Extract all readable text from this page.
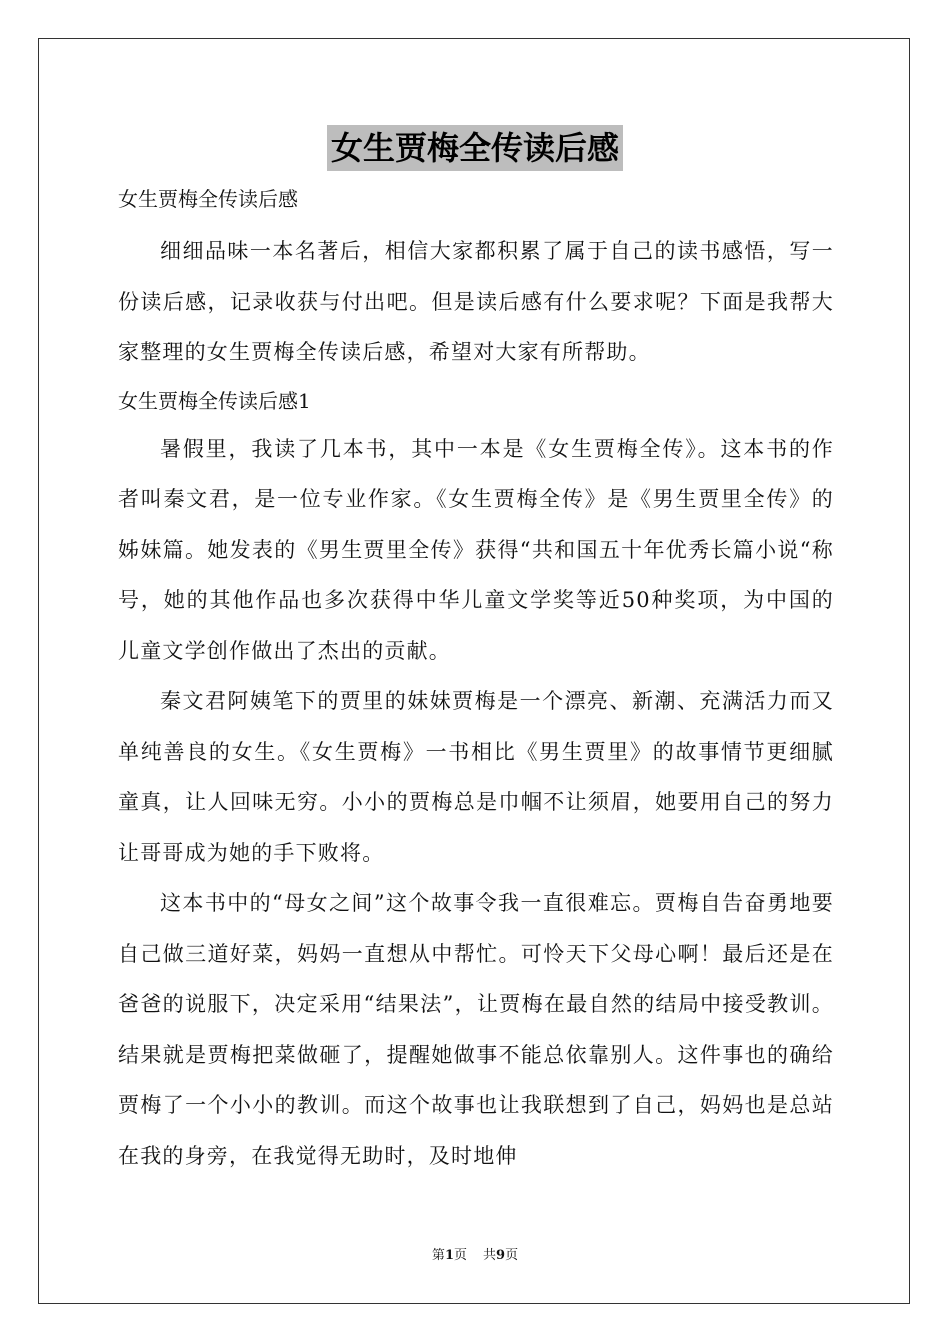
女生贾梅全传读后感

女生贾梅全传读后感

细细品味一本名著后，相信大家都积累了属于自己的读书感悟，写一份读后感，记录收获与付出吧。但是读后感有什么要求呢？下面是我帮大家整理的女生贾梅全传读后感，希望对大家有所帮助。

女生贾梅全传读后感1

暑假里，我读了几本书，其中一本是《女生贾梅全传》。这本书的作者叫秦文君，是一位专业作家。《女生贾梅全传》是《男生贾里全传》的姊妹篇。她发表的《男生贾里全传》获得“共和国五十年优秀长篇小说“称号，她的其他作品也多次获得中华儿童文学奖等近50种奖项，为中国的儿童文学创作做出了杰出的贡献。

秦文君阿姨笔下的贾里的妹妹贾梅是一个漂亮、新潮、充满活力而又单纯善良的女生。《女生贾梅》一书相比《男生贾里》的故事情节更细腻童真，让人回味无穷。小小的贾梅总是巾帼不让须眉，她要用自己的努力让哥哥成为她的手下败将。

这本书中的“母女之间”这个故事令我一直很难忘。贾梅自告奋勇地要自己做三道好菜，妈妈一直想从中帮忙。可怜天下父母心啊！最后还是在爸爸的说服下，决定采用“结果法”，让贾梅在最自然的结局中接受教训。结果就是贾梅把菜做砸了，提醒她做事不能总依靠别人。这件事也的确给贾梅了一个小小的教训。而这个故事也让我联想到了自己，妈妈也是总站在我的身旁，在我觉得无助时，及时地伸

第1页 共9页
